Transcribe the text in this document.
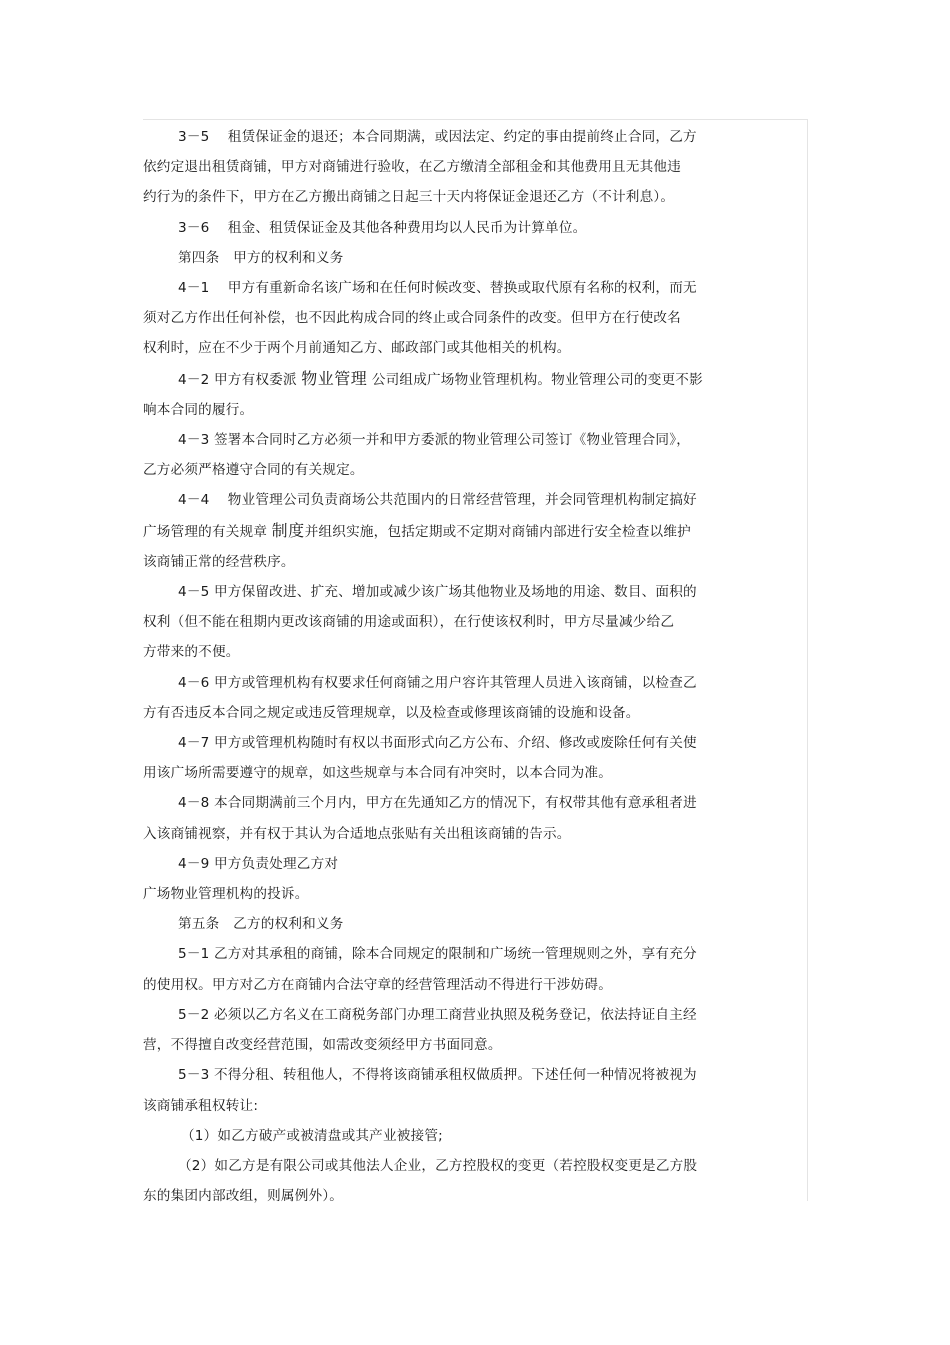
3－5　 租赁保证金的退还；本合同期满，或因法定、约定的事由提前终止合同，乙方
依约定退出租赁商铺，甲方对商铺进行验收，在乙方缴清全部租金和其他费用且无其他违
约行为的条件下，甲方在乙方搬出商铺之日起三十天内将保证金退还乙方（不计利息）。
3－6　 租金、租赁保证金及其他各种费用均以人民币为计算单位。
第四条　甲方的权利和义务
4－1　 甲方有重新命名该广场和在任何时候改变、替换或取代原有名称的权利，而无
须对乙方作出任何补偿，也不因此构成合同的终止或合同条件的改变。但甲方在行使改名
权利时，应在不少于两个月前通知乙方、邮政部门或其他相关的机构。
4－2 甲方有权委派 物业管理 公司组成广场物业管理机构。物业管理公司的变更不影
响本合同的履行。
4－3 签署本合同时乙方必须一并和甲方委派的物业管理公司签订《物业管理合同》，
乙方必须严格遵守合同的有关规定。
4－4　 物业管理公司负责商场公共范围内的日常经营管理，并会同管理机构制定搞好
广场管理的有关规章 制度并组织实施，包括定期或不定期对商铺内部进行安全检查以维护
该商铺正常的经营秩序。
4－5 甲方保留改进、扩充、增加或减少该广场其他物业及场地的用途、数目、面积的
权利（但不能在租期内更改该商铺的用途或面积），在行使该权利时，甲方尽量减少给乙
方带来的不便。
4－6 甲方或管理机构有权要求任何商铺之用户容许其管理人员进入该商铺，以检查乙
方有否违反本合同之规定或违反管理规章，以及检查或修理该商铺的设施和设备。
4－7 甲方或管理机构随时有权以书面形式向乙方公布、介绍、修改或废除任何有关使
用该广场所需要遵守的规章，如这些规章与本合同有冲突时，以本合同为准。
4－8 本合同期满前三个月内，甲方在先通知乙方的情况下，有权带其他有意承租者进
入该商铺视察，并有权于其认为合适地点张贴有关出租该商铺的告示。
4－9 甲方负责处理乙方对
广场物业管理机构的投诉。
第五条　乙方的权利和义务
5－1 乙方对其承租的商铺，除本合同规定的限制和广场统一管理规则之外，享有充分
的使用权。甲方对乙方在商铺内合法守章的经营管理活动不得进行干涉妨碍。
5－2 必须以乙方名义在工商税务部门办理工商营业执照及税务登记，依法持证自主经
营，不得擅自改变经营范围，如需改变须经甲方书面同意。
5－3 不得分租、转租他人，不得将该商铺承租权做质押。下述任何一种情况将被视为
该商铺承租权转让:
（1）如乙方破产或被清盘或其产业被接管;
（2）如乙方是有限公司或其他法人企业，乙方控股权的变更（若控股权变更是乙方股
东的集团内部改组，则属例外）。
